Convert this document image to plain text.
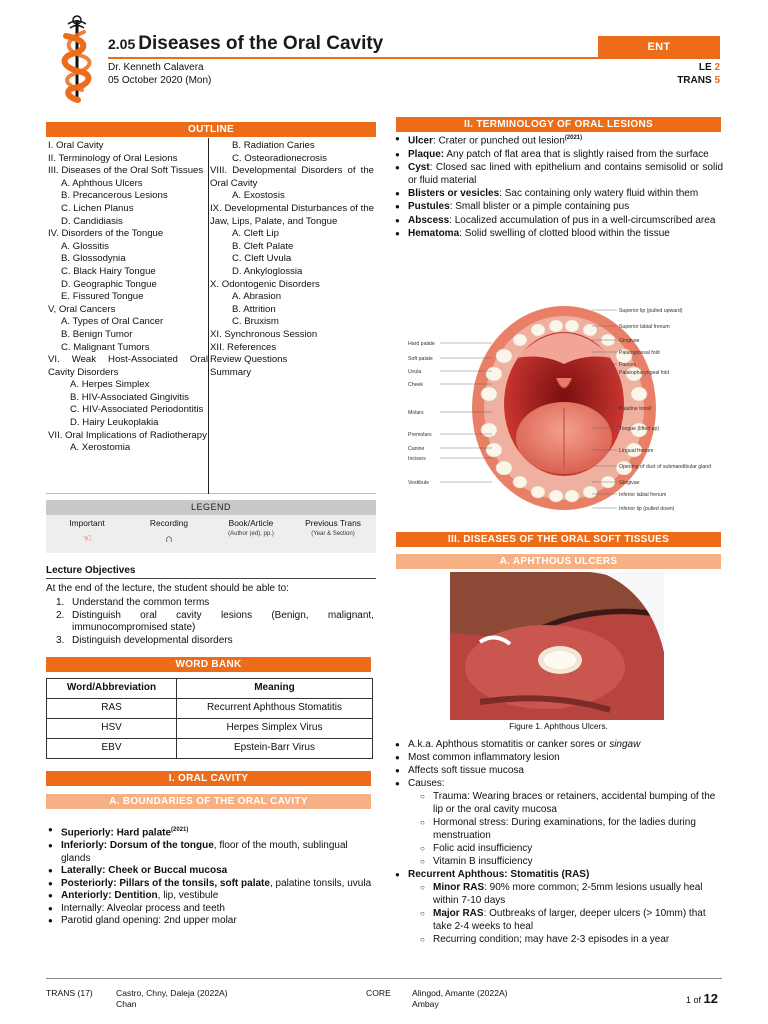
2.05 Diseases of the Oral Cavity	ENT
Dr. Kenneth Calavera
05 October 2020 (Mon)
LE 2
TRANS 5
OUTLINE
I. Oral Cavity
II. Terminology of Oral Lesions
III. Diseases of the Oral Soft Tissues
A. Aphthous Ulcers
B. Precancerous Lesions
C. Lichen Planus
D. Candidiasis
IV. Disorders of the Tongue
A. Glossitis
B. Glossodynia
C. Black Hairy Tongue
D. Geographic Tongue
E. Fissured Tongue
V, Oral Cancers
A. Types of Oral Cancer
B. Benign Tumor
C. Malignant Tumors
VI. Weak Host-Associated Oral Cavity Disorders
A. Herpes Simplex
B. HIV-Associated Gingivitis
C. HIV-Associated Periodontitis
D. Hairy Leukoplakia
VII. Oral Implications of Radiotherapy
A. Xerostomia
B. Radiation Caries
C. Osteoradionecrosis
VIII. Developmental Disorders of the Oral Cavity
A. Exostosis
IX. Developmental Disturbances of the Jaw, Lips, Palate, and Tongue
A. Cleft Lip
B. Cleft Palate
C. Cleft Uvula
D. Ankyloglossia
X. Odontogenic Disorders
A. Abrasion
B. Attrition
C. Bruxism
XI. Synchronous Session
XII. References
Review Questions
Summary
LEGEND
Important
☜
Recording
∩
Book/Article
(Author (ed), pp.)
Previous Trans
(Year & Section)
Lecture Objectives
At the end of the lecture, the student should be able to:
1. Understand the common terms
2. Distinguish oral cavity lesions (Benign, malignant, immunocompromised state)
3. Distinguish developmental disorders
WORD BANK
Word/Abbreviation	Meaning
RAS	Recurrent Aphthous Stomatitis
HSV	Herpes Simplex Virus
EBV	Epstein-Barr Virus
I. ORAL CAVITY
A. BOUNDARIES OF THE ORAL CAVITY
● Superiorly: Hard palate$^{(2021)}$
● Inferiorly: Dorsum of the tongue, floor of the mouth, sublingual glands
● Laterally: Cheek or Buccal mucosa
● Posteriorly: Pillars of the tonsils, soft palate, palatine tonsils, uvula
● Anteriorly: Dentition, lip, vestibule
● Internally: Alveolar process and teeth
● Parotid gland opening: 2nd upper molar
II. TERMINOLOGY OF ORAL LESIONS
● Ulcer: Crater or punched out lesion$^{(2021)}$
● Plaque: Any patch of flat area that is slightly raised from the surface
● Cyst: Closed sac lined with epithelium and contains semisolid or solid or fluid material
● Blisters or vesicles: Sac containing only watery fluid within them
● Pustules: Small blister or a pimple containing pus
● Abscess: Localized accumulation of pus in a well-circumscribed area
● Hematoma: Solid swelling of clotted blood within the tissue
Hard palate
Soft palate
Uvula
Cheek
Molars
Premolars
Canine
Incisors
Vestibule
Superior lip (pulled upward)
Superior labial frenum
Gingivae
Palatoglossal fold
Fauces
Palatopharyngeal fold
Palatine tonsil
Tongue (lifted up)
Lingual frenum
Opening of duct of submandibular gland
Gingivae
Inferior labial frenum
Inferior lip (pulled down)
III. DISEASES OF THE ORAL SOFT TISSUES
A. APHTHOUS ULCERS
Figure 1. Aphthous Ulcers.
● A.k.a. Aphthous stomatitis or canker sores or singaw
● Most common inflammatory lesion
● Affects soft tissue mucosa
● Causes:
○ Trauma: Wearing braces or retainers, accidental bumping of the lip or the oral cavity mucosa
○ Hormonal stress: During examinations, for the ladies during menstruation
○ Folic acid insufficiency
○ Vitamin B insufficiency
● Recurrent Aphthous: Stomatitis (RAS)
○ Minor RAS: 90% more common; 2-5mm lesions usually heal within 7-10 days
○ Major RAS: Outbreaks of larger, deeper ulcers (> 10mm) that take 2-4 weeks to heal
○ Recurring condition; may have 2-3 episodes in a year
TRANS (17)	Castro, Chny, Daleja (2022A)
Chan
CORE Alingod, Amante (2022A)
Ambay	1 of 12
